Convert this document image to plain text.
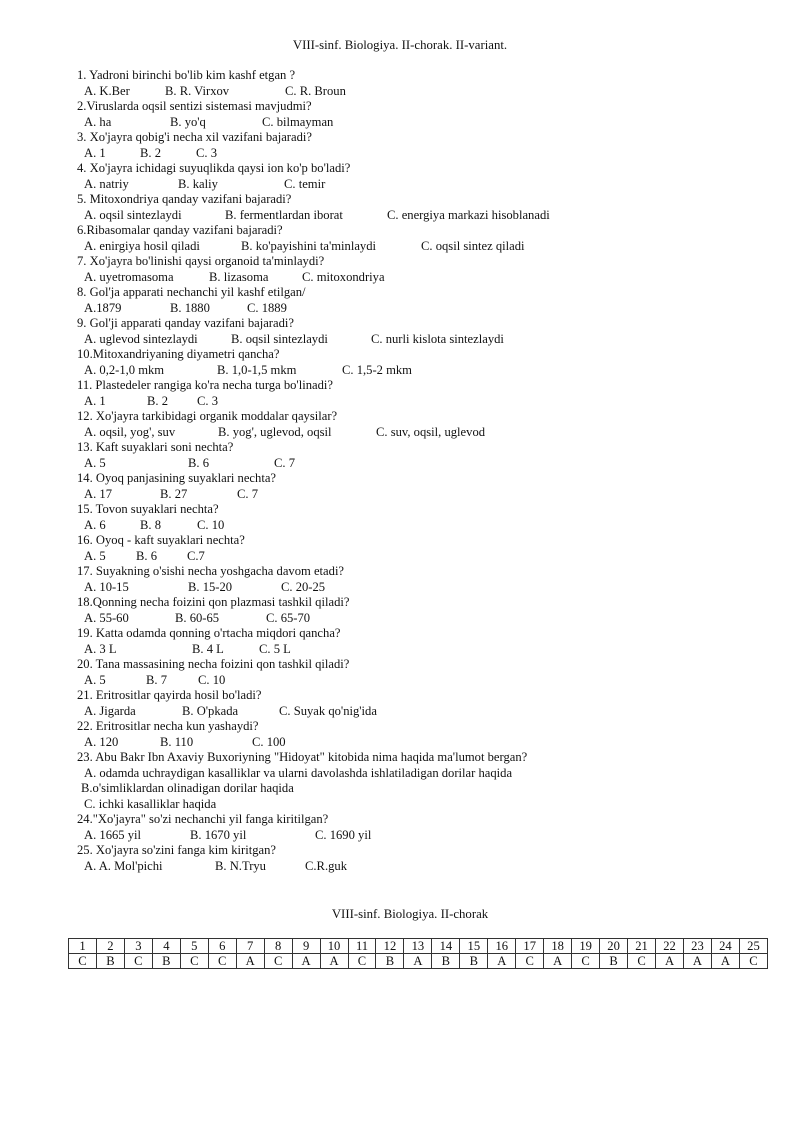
VIII-sinf. Biologiya. II-chorak. II-variant.
1. Yadroni birinchi bo'lib kim kashf etgan ?
A. K.Ber	B. R. Virxov	C. R. Broun
2.Viruslarda oqsil sentizi sistemasi mavjudmi?
A. ha	B. yo'q	C. bilmayman
3. Xo'jayra qobig'i necha xil vazifani bajaradi?
A. 1	B. 2	C. 3
4. Xo'jayra ichidagi suyuqlikda qaysi ion ko'p bo'ladi?
A. natriy	B. kaliy	C. temir
5. Mitoxondriya qanday vazifani bajaradi?
A. oqsil sintezlaydi	B. fermentlardan iborat	C. energiya markazi hisoblanadi
6.Ribasomalar qanday vazifani bajaradi?
A. enirgiya hosil qiladi	B. ko'payishini ta'minlaydi	C. oqsil sintez qiladi
7. Xo'jayra bo'linishi qaysi organoid ta'minlaydi?
A. uyetromasoma	B. lizasoma	C. mitoxondriya
8. Gol'ja apparati nechanchi yil kashf etilgan/
A.1879	B. 1880	C. 1889
9. Gol'ji apparati qanday vazifani bajaradi?
A. uglevod sintezlaydi	B. oqsil sintezlaydi	C. nurli kislota sintezlaydi
10.Mitoxandriyaning diyametri qancha?
A. 0,2-1,0 mkm	B. 1,0-1,5 mkm	C. 1,5-2 mkm
11. Plastedeler rangiga ko'ra necha turga bo'linadi?
A. 1	B. 2	C. 3
12. Xo'jayra tarkibidagi organik moddalar qaysilar?
A. oqsil, yog', suv	B. yog', uglevod, oqsil	C. suv, oqsil, uglevod
13. Kaft suyaklari soni nechta?
A. 5	B. 6	C. 7
14. Oyoq panjasining suyaklari nechta?
A. 17	B. 27	C. 7
15. Tovon suyaklari nechta?
A. 6	B. 8	C. 10
16. Oyoq - kaft suyaklari nechta?
A. 5	B. 6	C.7
17. Suyakning o'sishi necha yoshgacha davom etadi?
A. 10-15	B. 15-20	C. 20-25
18.Qonning necha foizini qon plazmasi tashkil qiladi?
A. 55-60	B. 60-65	C. 65-70
19. Katta odamda qonning o'rtacha miqdori qancha?
A. 3 L	B. 4 L	C. 5 L
20. Tana massasining necha foizini qon tashkil qiladi?
A. 5	B. 7	C. 10
21. Eritrositlar qayirda hosil bo'ladi?
A. Jigarda	B. O'pkada	C. Suyak qo'nig'ida
22. Eritrositlar necha kun yashaydi?
A. 120	B. 110	C. 100
23. Abu Bakr Ibn Axaviy Buxoriyning "Hidoyat" kitobida nima haqida ma'lumot bergan?
A. odamda uchraydigan kasalliklar va ularni davolashda ishlatiladigan dorilar haqida
B.o'simliklardan olinadigan dorilar haqida
C. ichki kasalliklar haqida
24."Xo'jayra" so'zi nechanchi yil fanga kiritilgan?
A. 1665 yil	B. 1670 yil	C. 1690 yil
25. Xo'jayra so'zini fanga kim kiritgan?
A. A. Mol'pichi	B. N.Tryu	C.R.guk
VIII-sinf. Biologiya. II-chorak
1	2	3	4	5	6	7	8	9	10	11	12	13	14	15	16	17	18	19	20	21	22	23	24	25
C	B	C	B	C	C	A	C	A	A	C	B	A	B	B	A	C	A	C	B	C	A	A	A	C
